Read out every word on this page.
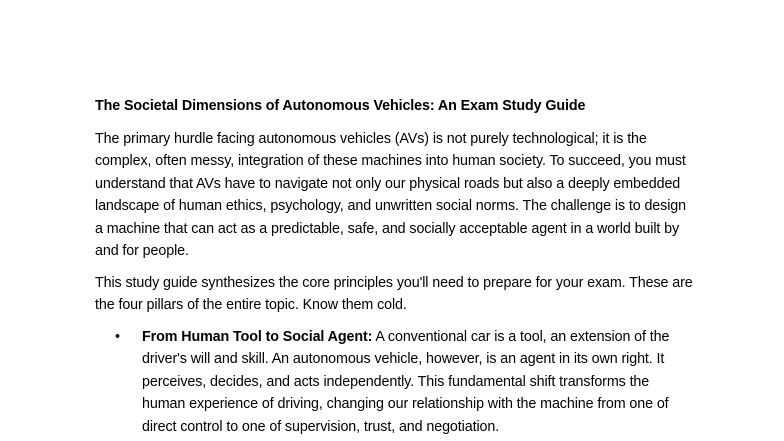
The Societal Dimensions of Autonomous Vehicles: An Exam Study Guide

The primary hurdle facing autonomous vehicles (AVs) is not purely technological; it is the complex, often messy, integration of these machines into human society. To succeed, you must understand that AVs have to navigate not only our physical roads but also a deeply embedded landscape of human ethics, psychology, and unwritten social norms. The challenge is to design a machine that can act as a predictable, safe, and socially acceptable agent in a world built by and for people.

This study guide synthesizes the core principles you'll need to prepare for your exam. These are the four pillars of the entire topic. Know them cold.

• From Human Tool to Social Agent: A conventional car is a tool, an extension of the driver's will and skill. An autonomous vehicle, however, is an agent in its own right. It perceives, decides, and acts independently. This fundamental shift transforms the human experience of driving, changing our relationship with the machine from one of direct control to one of supervision, trust, and negotiation.
